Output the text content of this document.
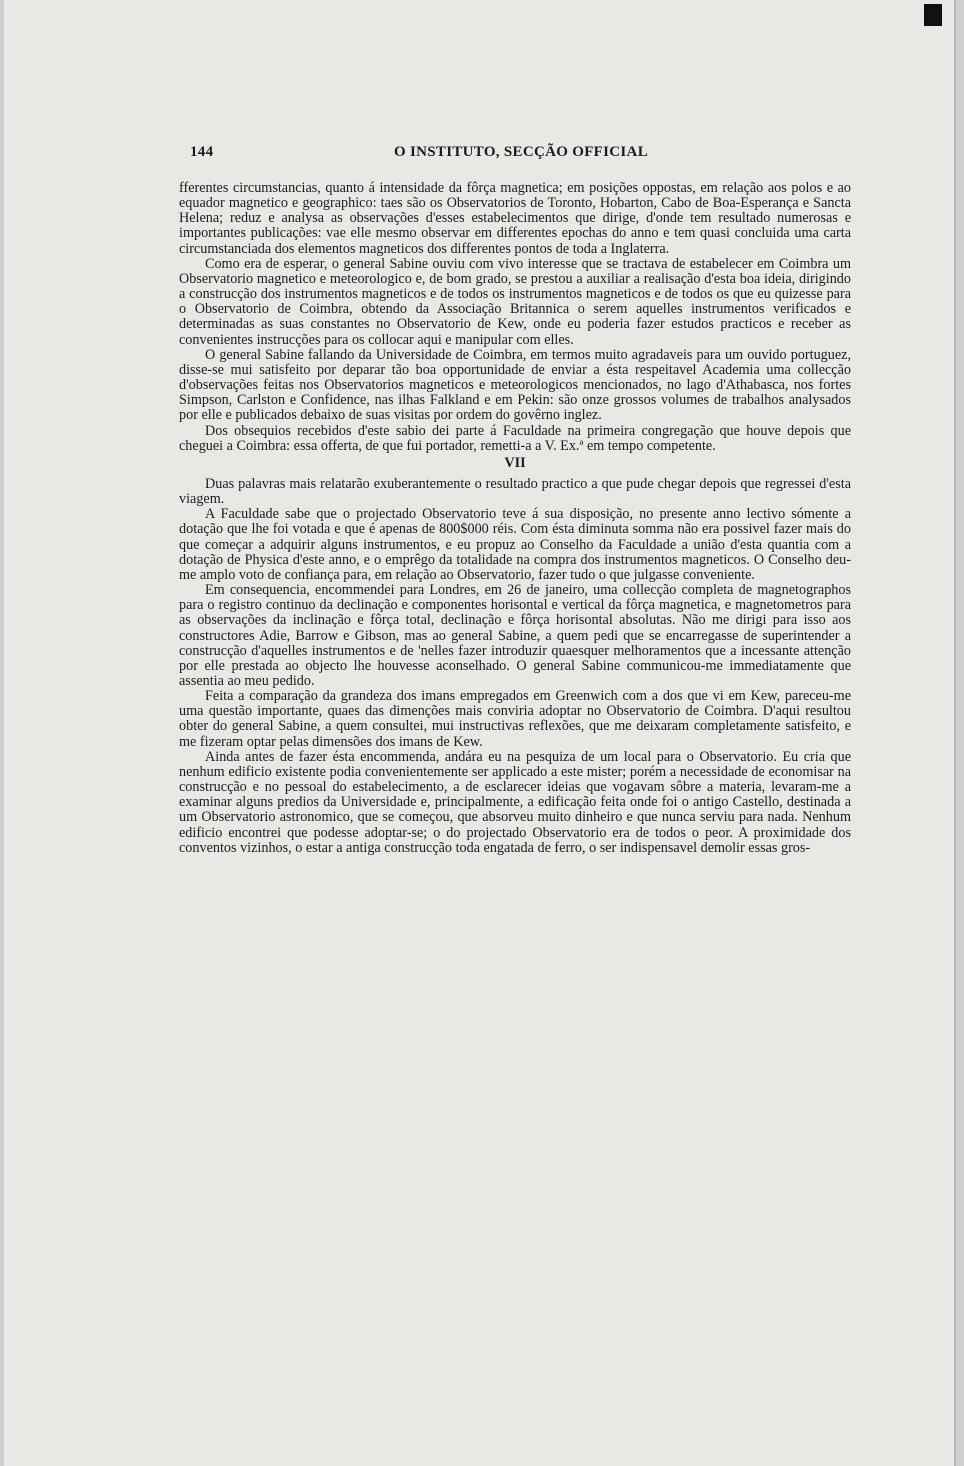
144	O INSTITUTO, SECÇÃO OFFICIAL

fferentes circumstancias, quanto á intensidade da fôrça magnetica; em posições oppostas, em relação aos polos e ao equador magnetico e geographico: taes são os Observatorios de Toronto, Hobarton, Cabo de Boa-Esperança e Sancta Helena; reduz e analysa as observações d'esses estabelecimentos que dirige, d'onde tem resultado numerosas e importantes publicações: vae elle mesmo observar em differentes epochas do anno e tem quasi concluida uma carta circumstanciada dos elementos magneticos dos differentes pontos de toda a Inglaterra.

Como era de esperar, o general Sabine ouviu com vivo interesse que se tractava de estabelecer em Coimbra um Observatorio magnetico e meteorologico e, de bom grado, se prestou a auxiliar a realisação d'esta boa ideia, dirigindo a construcção dos instrumentos magneticos e de todos os instrumentos magneticos e de todos os que eu quizesse para o Observatorio de Coimbra, obtendo da Associação Britannica o serem aquelles instrumentos verificados e determinadas as suas constantes no Observatorio de Kew, onde eu poderia fazer estudos practicos e receber as convenientes instrucções para os collocar aqui e manipular com elles.

O general Sabine fallando da Universidade de Coimbra, em termos muito agradaveis para um ouvido portuguez, disse-se mui satisfeito por deparar tão boa opportunidade de enviar a ésta respeitavel Academia uma collecção d'observações feitas nos Observatorios magneticos e meteorologicos mencionados, no lago d'Athabasca, nos fortes Simpson, Carlston e Confidence, nas ilhas Falkland e em Pekin: são onze grossos volumes de trabalhos analysados por elle e publicados debaixo de suas visitas por ordem do govêrno inglez.

Dos obsequios recebidos d'este sabio dei parte á Faculdade na primeira congregação que houve depois que cheguei a Coimbra: essa offerta, de que fui portador, remetti-a a V. Ex.ª em tempo competente.

VII

Duas palavras mais relatarão exuberantemente o resultado practico a que pude chegar depois que regressei d'esta viagem.

A Faculdade sabe que o projectado Observatorio teve á sua disposição, no presente anno lectivo sómente a dotação que lhe foi votada e que é apenas de 800$000 réis. Com ésta diminuta somma não era possivel fazer mais do que começar a adquirir alguns instrumentos, e eu propuz ao Conselho da Faculdade a união d'esta quantia com a dotação de Physica d'este anno, e o emprêgo da totalidade na compra dos instrumentos magneticos. O Conselho deu-me amplo voto de confiança para, em relação ao Observatorio, fazer tudo o que julgasse conveniente.

Em consequencia, encommendei para Londres, em 26 de janeiro, uma collecção completa de magnetographos para o registro continuo da declinação e componentes horisontal e vertical da fôrça magnetica, e magnetometros para as observações da inclinação e fôrça total, declinação e fôrça horisontal absolutas. Não me dirigi para isso aos constructores Adie, Barrow e Gibson, mas ao general Sabine, a quem pedi que se encarregasse de superintender a construcção d'aquelles instrumentos e de 'nelles fazer introduzir quaesquer melhoramentos que a incessante attenção por elle prestada ao objecto lhe houvesse aconselhado. O general Sabine communicou-me immediatamente que assentia ao meu pedido.

Feita a comparação da grandeza dos imans empregados em Greenwich com a dos que vi em Kew, pareceu-me uma questão importante, quaes das dimenções mais conviria adoptar no Observatorio de Coimbra. D'aqui resultou obter do general Sabine, a quem consultei, mui instructivas reflexões, que me deixaram completamente satisfeito, e me fizeram optar pelas dimensões dos imans de Kew.

Ainda antes de fazer ésta encommenda, andára eu na pesquiza de um local para o Observatorio. Eu cria que nenhum edificio existente podia convenientemente ser applicado a este mister; porém a necessidade de economisar na construcção e no pessoal do estabelecimento, a de esclarecer ideias que vogavam sôbre a materia, levaram-me a examinar alguns predios da Universidade e, principalmente, a edificação feita onde foi o antigo Castello, destinada a um Observatorio astronomico, que se começou, que absorveu muito dinheiro e que nunca serviu para nada. Nenhum edificio encontrei que podesse adoptar-se; o do projectado Observatorio era de todos o peor. A proximidade dos conventos vizinhos, o estar a antiga construcção toda engatada de ferro, o ser indispensavel demolir essas gros-
